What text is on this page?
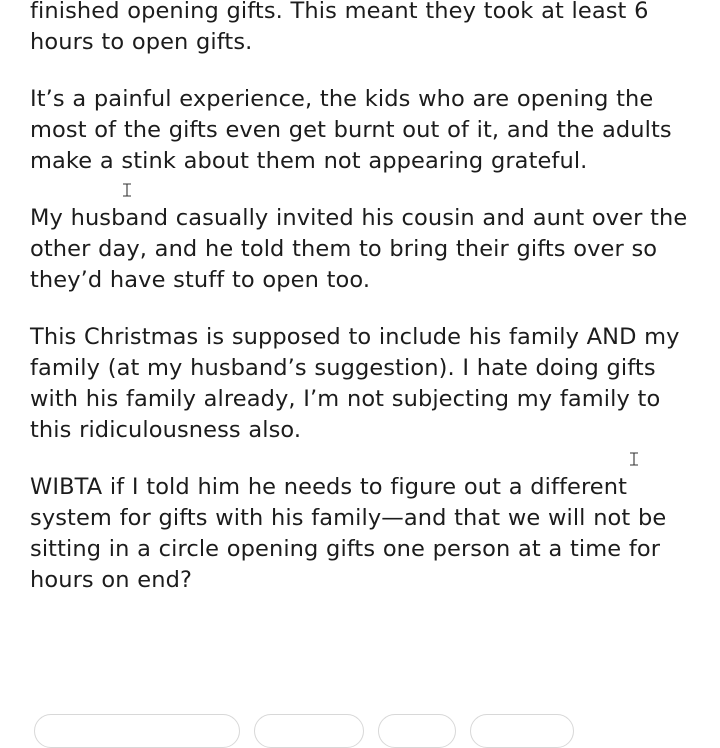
finished opening gifts. This meant they took at least 6 hours to open gifts.

It’s a painful experience, the kids who are opening the most of the gifts even get burnt out of it, and the adults make a stink about them not appearing grateful.

My husband casually invited his cousin and aunt over the other day, and he told them to bring their gifts over so they’d have stuff to open too.

This Christmas is supposed to include his family AND my family (at my husband’s suggestion). I hate doing gifts with his family already, I’m not subjecting my family to this ridiculousness also.

WIBTA if I told him he needs to figure out a different system for gifts with his family—and that we will not be sitting in a circle opening gifts one person at a time for hours on end?
